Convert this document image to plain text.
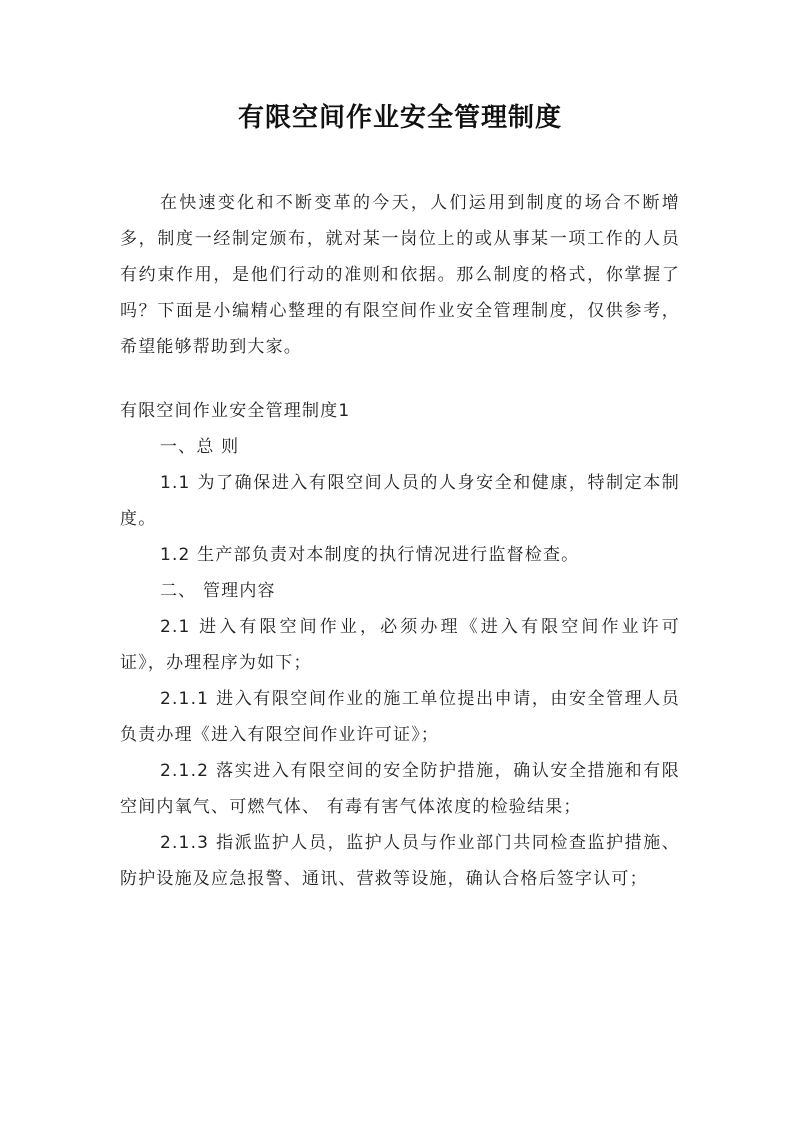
有限空间作业安全管理制度

在快速变化和不断变革的今天，人们运用到制度的场合不断增多，制度一经制定颁布，就对某一岗位上的或从事某一项工作的人员有约束作用，是他们行动的准则和依据。那么制度的格式，你掌握了吗？下面是小编精心整理的有限空间作业安全管理制度，仅供参考，希望能够帮助到大家。

有限空间作业安全管理制度1

一、总 则

1.1 为了确保进入有限空间人员的人身安全和健康，特制定本制度。

1.2 生产部负责对本制度的执行情况进行监督检查。

二、 管理内容

2.1 进入有限空间作业，必须办理《进入有限空间作业许可证》，办理程序为如下；

2.1.1 进入有限空间作业的施工单位提出申请，由安全管理人员负责办理《进入有限空间作业许可证》；

2.1.2 落实进入有限空间的安全防护措施，确认安全措施和有限空间内氧气、可燃气体、 有毒有害气体浓度的检验结果；

2.1.3 指派监护人员，监护人员与作业部门共同检查监护措施、防护设施及应急报警、通讯、营救等设施，确认合格后签字认可；
